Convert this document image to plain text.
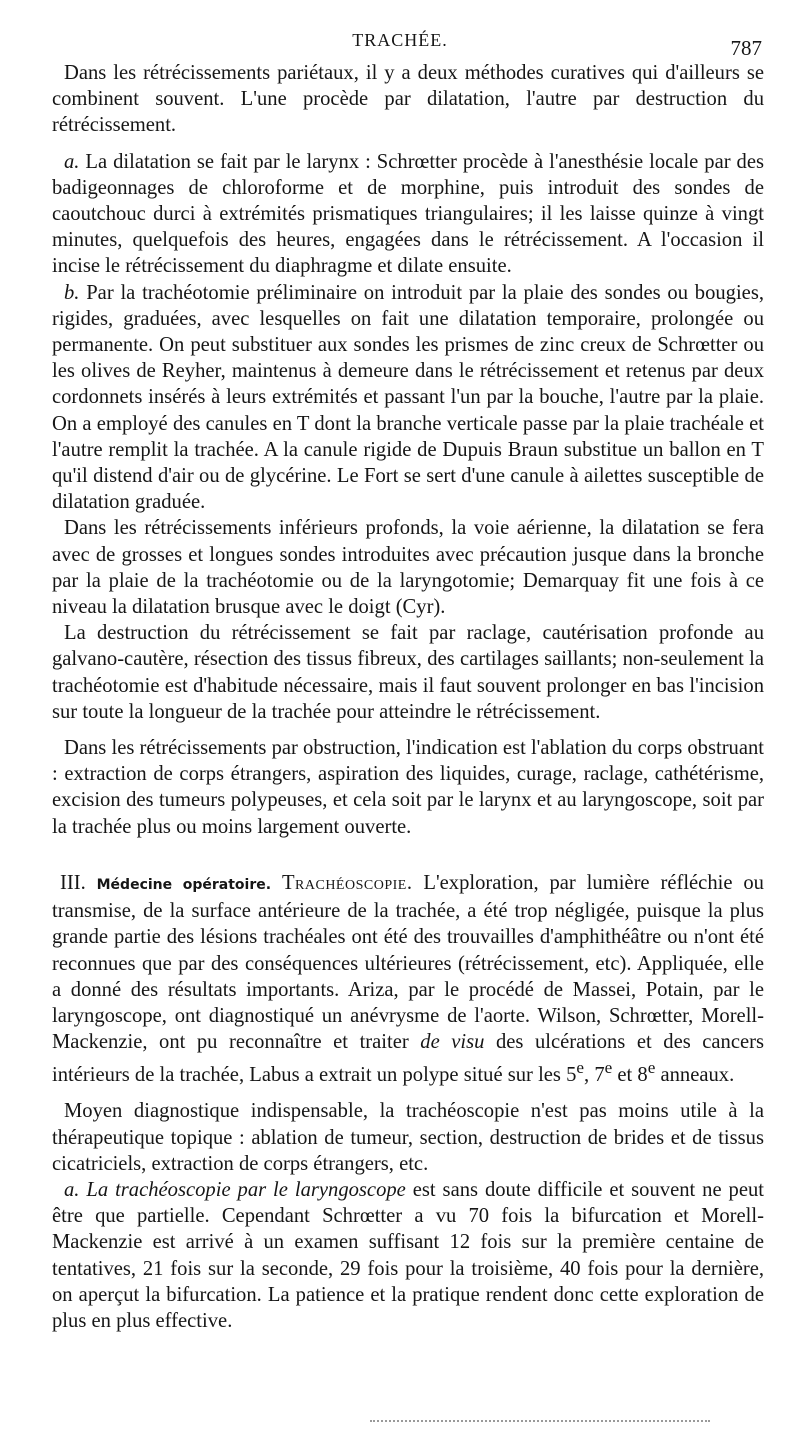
TRACHÉE.	787

Dans les rétrécissements pariétaux, il y a deux méthodes curatives qui d'ailleurs se combinent souvent. L'une procède par dilatation, l'autre par destruction du rétrécissement.

a. La dilatation se fait par le larynx : Schrœtter procède à l'anesthésie locale par des badigeonnages de chloroforme et de morphine, puis introduit des sondes de caoutchouc durci à extrémités prismatiques triangulaires; il les laisse quinze à vingt minutes, quelquefois des heures, engagées dans le rétrécissement. A l'occasion il incise le rétrécissement du diaphragme et dilate ensuite.

b. Par la trachéotomie préliminaire on introduit par la plaie des sondes ou bougies, rigides, graduées, avec lesquelles on fait une dilatation temporaire, prolongée ou permanente. On peut substituer aux sondes les prismes de zinc creux de Schrœtter ou les olives de Reyher, maintenus à demeure dans le rétrécissement et retenus par deux cordonnets insérés à leurs extrémités et passant l'un par la bouche, l'autre par la plaie. On a employé des canules en T dont la branche verticale passe par la plaie trachéale et l'autre remplit la trachée. A la canule rigide de Dupuis Braun substitue un ballon en T qu'il distend d'air ou de glycérine. Le Fort se sert d'une canule à ailettes susceptible de dilatation graduée.

Dans les rétrécissements inférieurs profonds, la voie aérienne, la dilatation se fera avec de grosses et longues sondes introduites avec précaution jusque dans la bronche par la plaie de la trachéotomie ou de la laryngotomie; Demarquay fit une fois à ce niveau la dilatation brusque avec le doigt (Cyr).

La destruction du rétrécissement se fait par raclage, cautérisation profonde au galvano-cautère, résection des tissus fibreux, des cartilages saillants; non-seulement la trachéotomie est d'habitude nécessaire, mais il faut souvent prolonger en bas l'incision sur toute la longueur de la trachée pour atteindre le rétrécissement.

Dans les rétrécissements par obstruction, l'indication est l'ablation du corps obstruant : extraction de corps étrangers, aspiration des liquides, curage, raclage, cathétérisme, excision des tumeurs polypeuses, et cela soit par le larynx et au laryngoscope, soit par la trachée plus ou moins largement ouverte.

III. Médecine opératoire. Trachéoscopie. L'exploration, par lumière réfléchie ou transmise, de la surface antérieure de la trachée, a été trop négligée, puisque la plus grande partie des lésions trachéales ont été des trouvailles d'amphithéâtre ou n'ont été reconnues que par des conséquences ultérieures (rétrécissement, etc). Appliquée, elle a donné des résultats importants. Ariza, par le procédé de Massei, Potain, par le laryngoscope, ont diagnostiqué un anévrysme de l'aorte. Wilson, Schrœtter, Morell-Mackenzie, ont pu reconnaître et traiter de visu des ulcérations et des cancers intérieurs de la trachée, Labus a extrait un polype situé sur les 5e, 7e et 8e anneaux.

Moyen diagnostique indispensable, la trachéoscopie n'est pas moins utile à la thérapeutique topique : ablation de tumeur, section, destruction de brides et de tissus cicatriciels, extraction de corps étrangers, etc.

a. La trachéoscopie par le laryngoscope est sans doute difficile et souvent ne peut être que partielle. Cependant Schrœtter a vu 70 fois la bifurcation et Morell-Mackenzie est arrivé à un examen suffisant 12 fois sur la première centaine de tentatives, 21 fois sur la seconde, 29 fois pour la troisième, 40 fois pour la dernière, on aperçut la bifurcation. La patience et la pratique rendent donc cette exploration de plus en plus effective.
